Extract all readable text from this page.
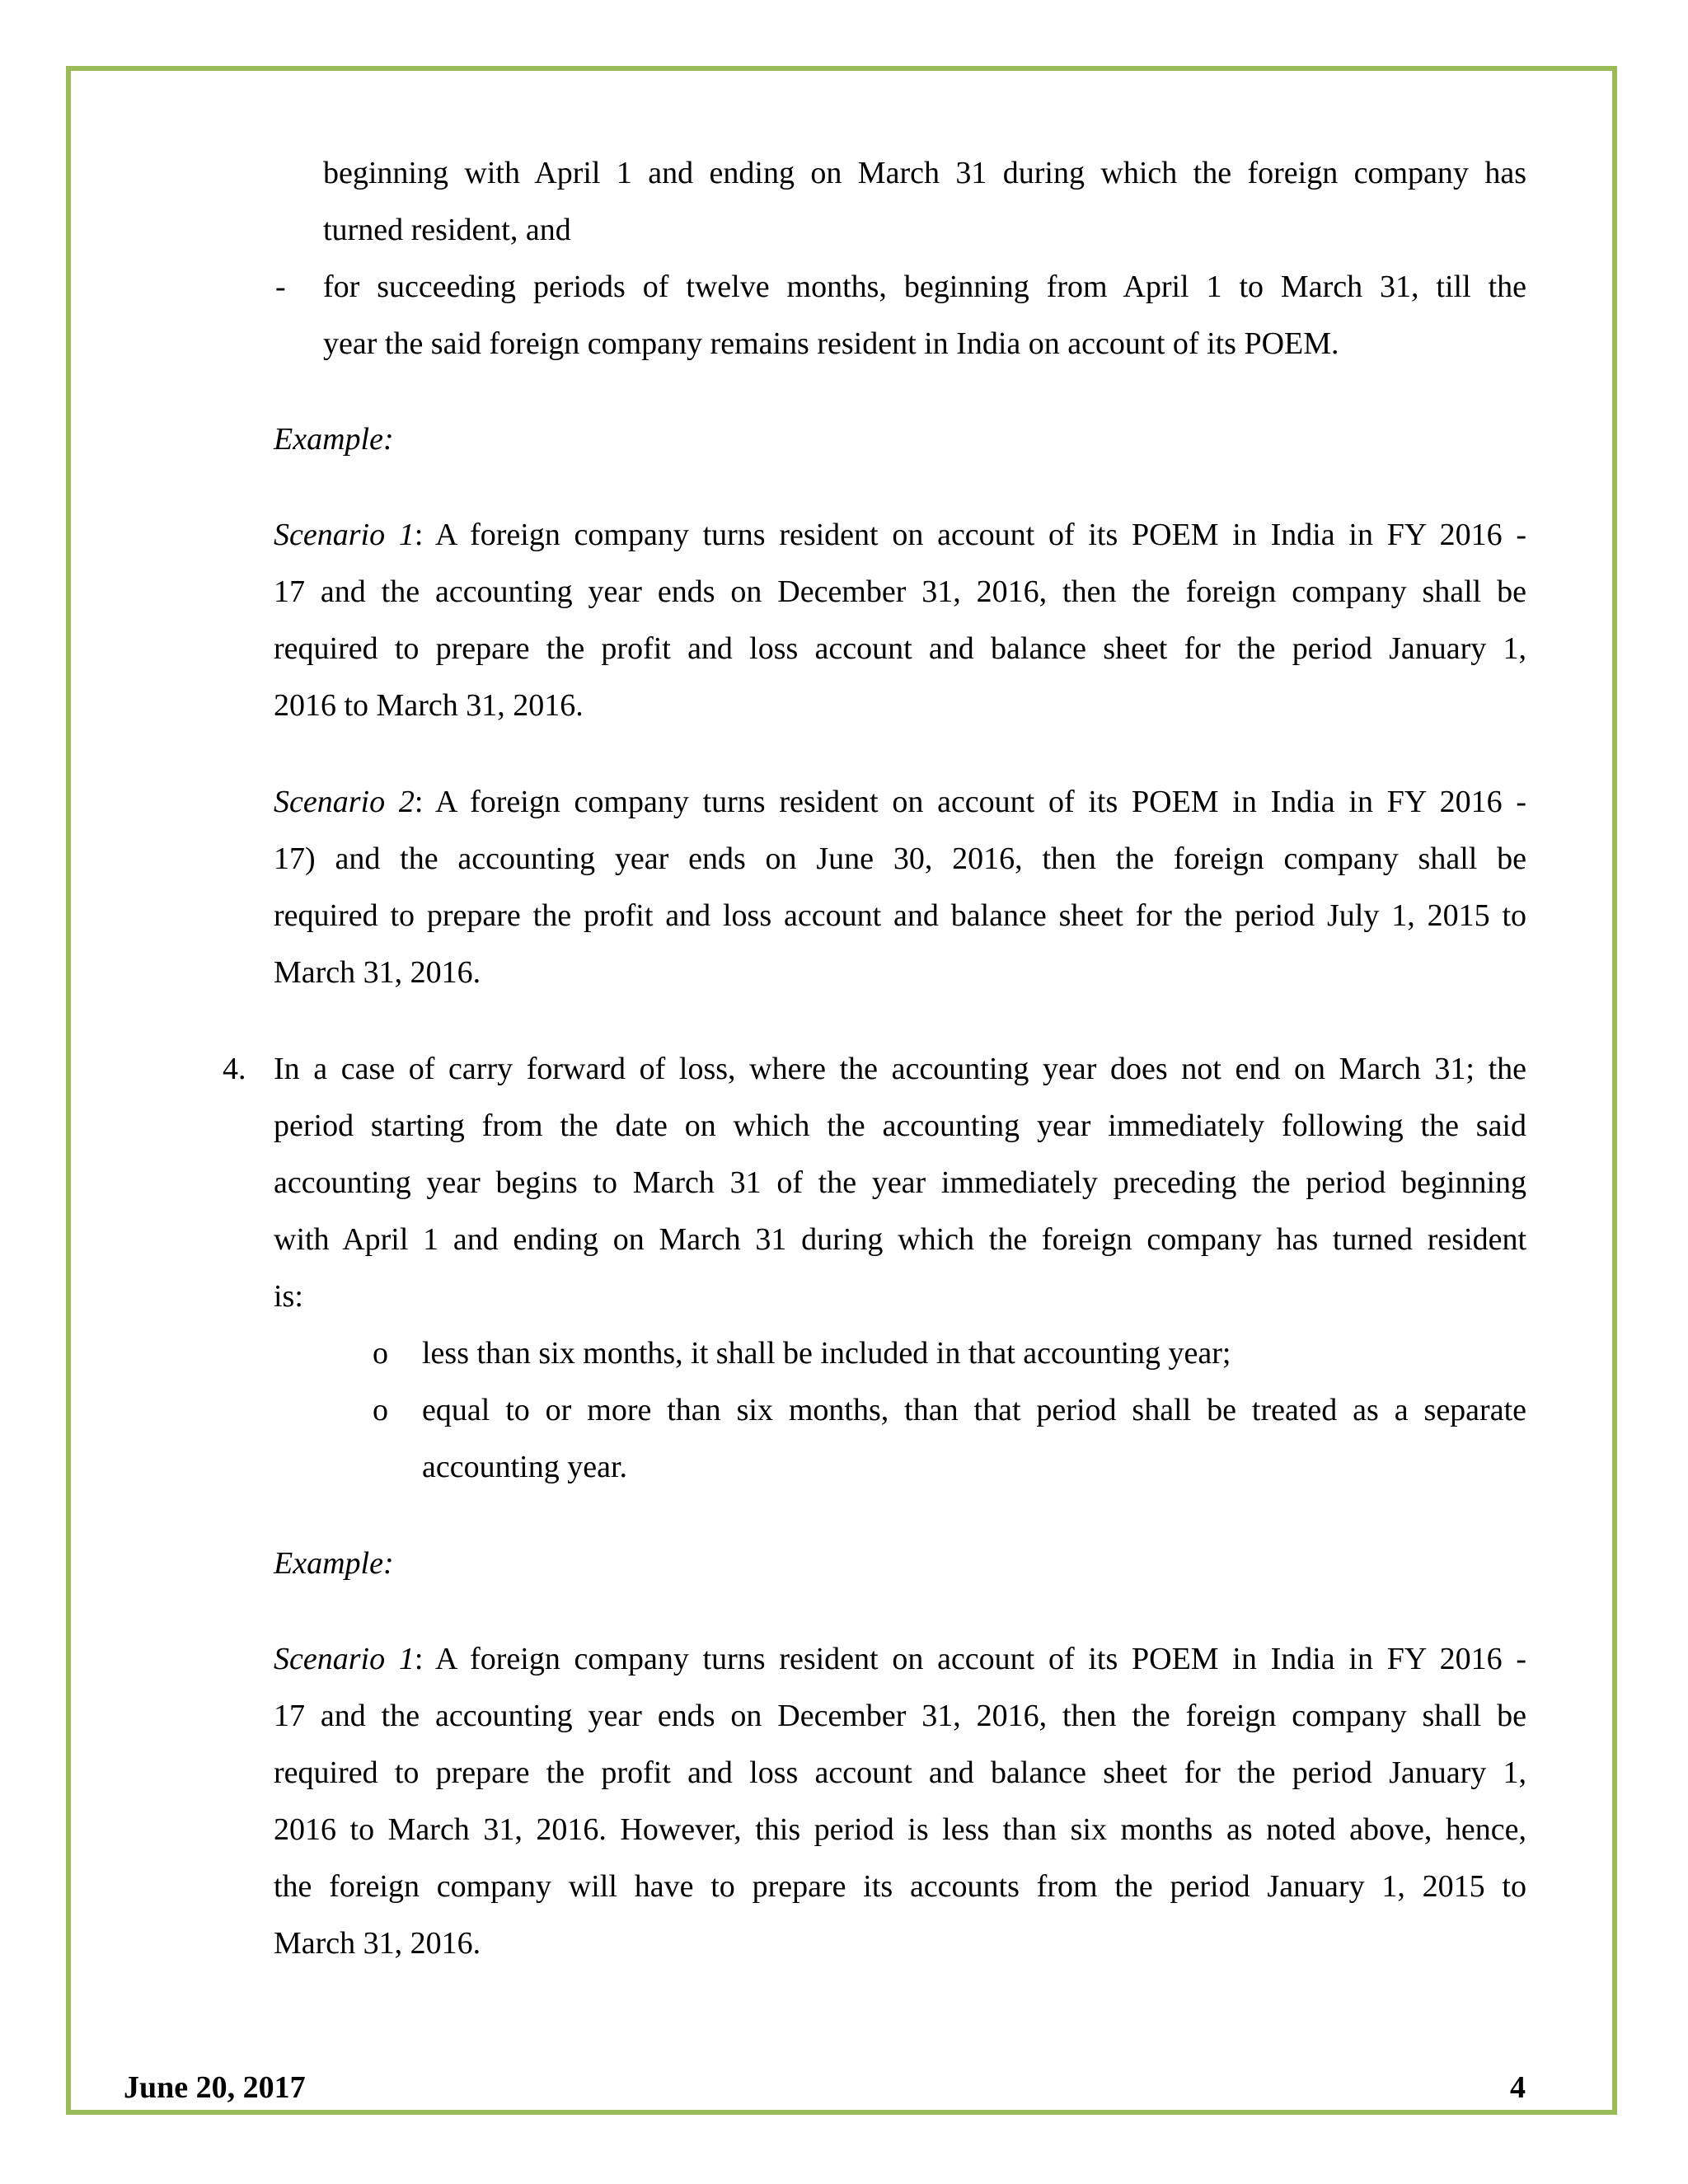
beginning with April 1 and ending on March 31 during which the foreign company has
turned resident, and
- for succeeding periods of twelve months, beginning from April 1 to March 31, till the
year the said foreign company remains resident in India on account of its POEM.
Example:
Scenario 1: A foreign company turns resident on account of its POEM in India in FY 2016 -
17 and the accounting year ends on December 31, 2016, then the foreign company shall be
required to prepare the profit and loss account and balance sheet for the period January 1,
2016 to March 31, 2016.
Scenario 2: A foreign company turns resident on account of its POEM in India in FY 2016 -
17) and the accounting year ends on June 30, 2016, then the foreign company shall be
required to prepare the profit and loss account and balance sheet for the period July 1, 2015 to
March 31, 2016.
4. In a case of carry forward of loss, where the accounting year does not end on March 31; the
period starting from the date on which the accounting year immediately following the said
accounting year begins to March 31 of the year immediately preceding the period beginning
with April 1 and ending on March 31 during which the foreign company has turned resident
is:
o less than six months, it shall be included in that accounting year;
o equal to or more than six months, than that period shall be treated as a separate
accounting year.
Example:
Scenario 1: A foreign company turns resident on account of its POEM in India in FY 2016 -
17 and the accounting year ends on December 31, 2016, then the foreign company shall be
required to prepare the profit and loss account and balance sheet for the period January 1,
2016 to March 31, 2016. However, this period is less than six months as noted above, hence,
the foreign company will have to prepare its accounts from the period January 1, 2015 to
March 31, 2016.
June 20, 2017	4
